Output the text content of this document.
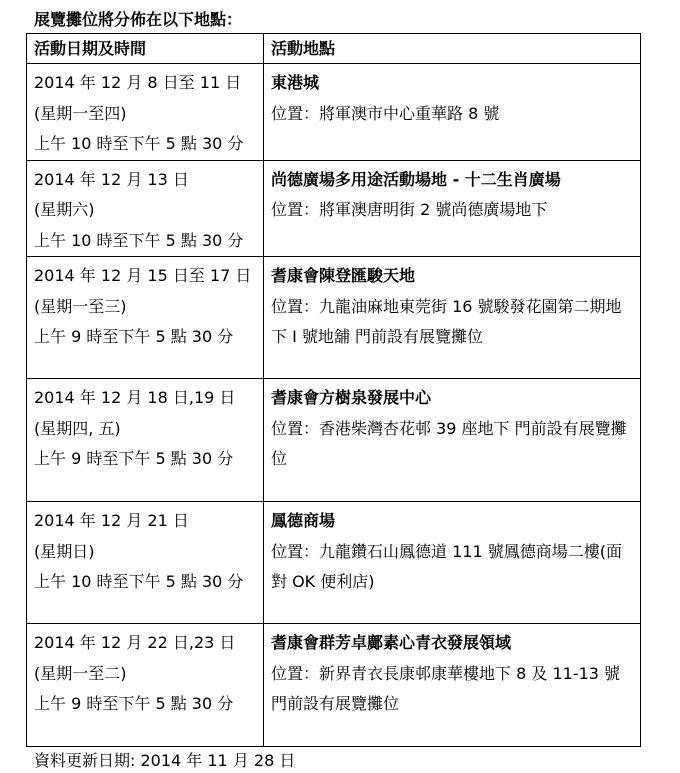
展覽攤位將分佈在以下地點：
活動日期及時間	活動地點

2014 年 12 月 8 日至 11 日
(星期一至四)
上午 10 時至下午 5 點 30 分	東港城
位置：將軍澳市中心重華路 8 號

2014 年 12 月 13 日
(星期六)
上午 10 時至下午 5 點 30 分	尚德廣場多用途活動場地 - 十二生肖廣場
位置：將軍澳唐明街 2 號尚德廣場地下

2014 年 12 月 15 日至 17 日
(星期一至三)
上午 9 時至下午 5 點 30 分	耆康會陳登匯駿天地
位置：九龍油麻地東莞街 16 號駿發花園第二期地下 I 號地舖 門前設有展覽攤位

2014 年 12 月 18 日,19 日
(星期四, 五)
上午 9 時至下午 5 點 30 分	耆康會方樹泉發展中心
位置：香港柴灣杏花邨 39 座地下 門前設有展覽攤位

2014 年 12 月 21 日
(星期日)
上午 10 時至下午 5 點 30 分	鳳德商場
位置：九龍鑽石山鳳德道 111 號鳳德商場二樓(面對 OK 便利店)

2014 年 12 月 22 日,23 日
(星期一至二)
上午 9 時至下午 5 點 30 分	耆康會群芳卓鄺素心青衣發展領域
位置：新界青衣長康邨康華樓地下 8 及 11-13 號 門前設有展覽攤位
資料更新日期: 2014 年 11 月 28 日
